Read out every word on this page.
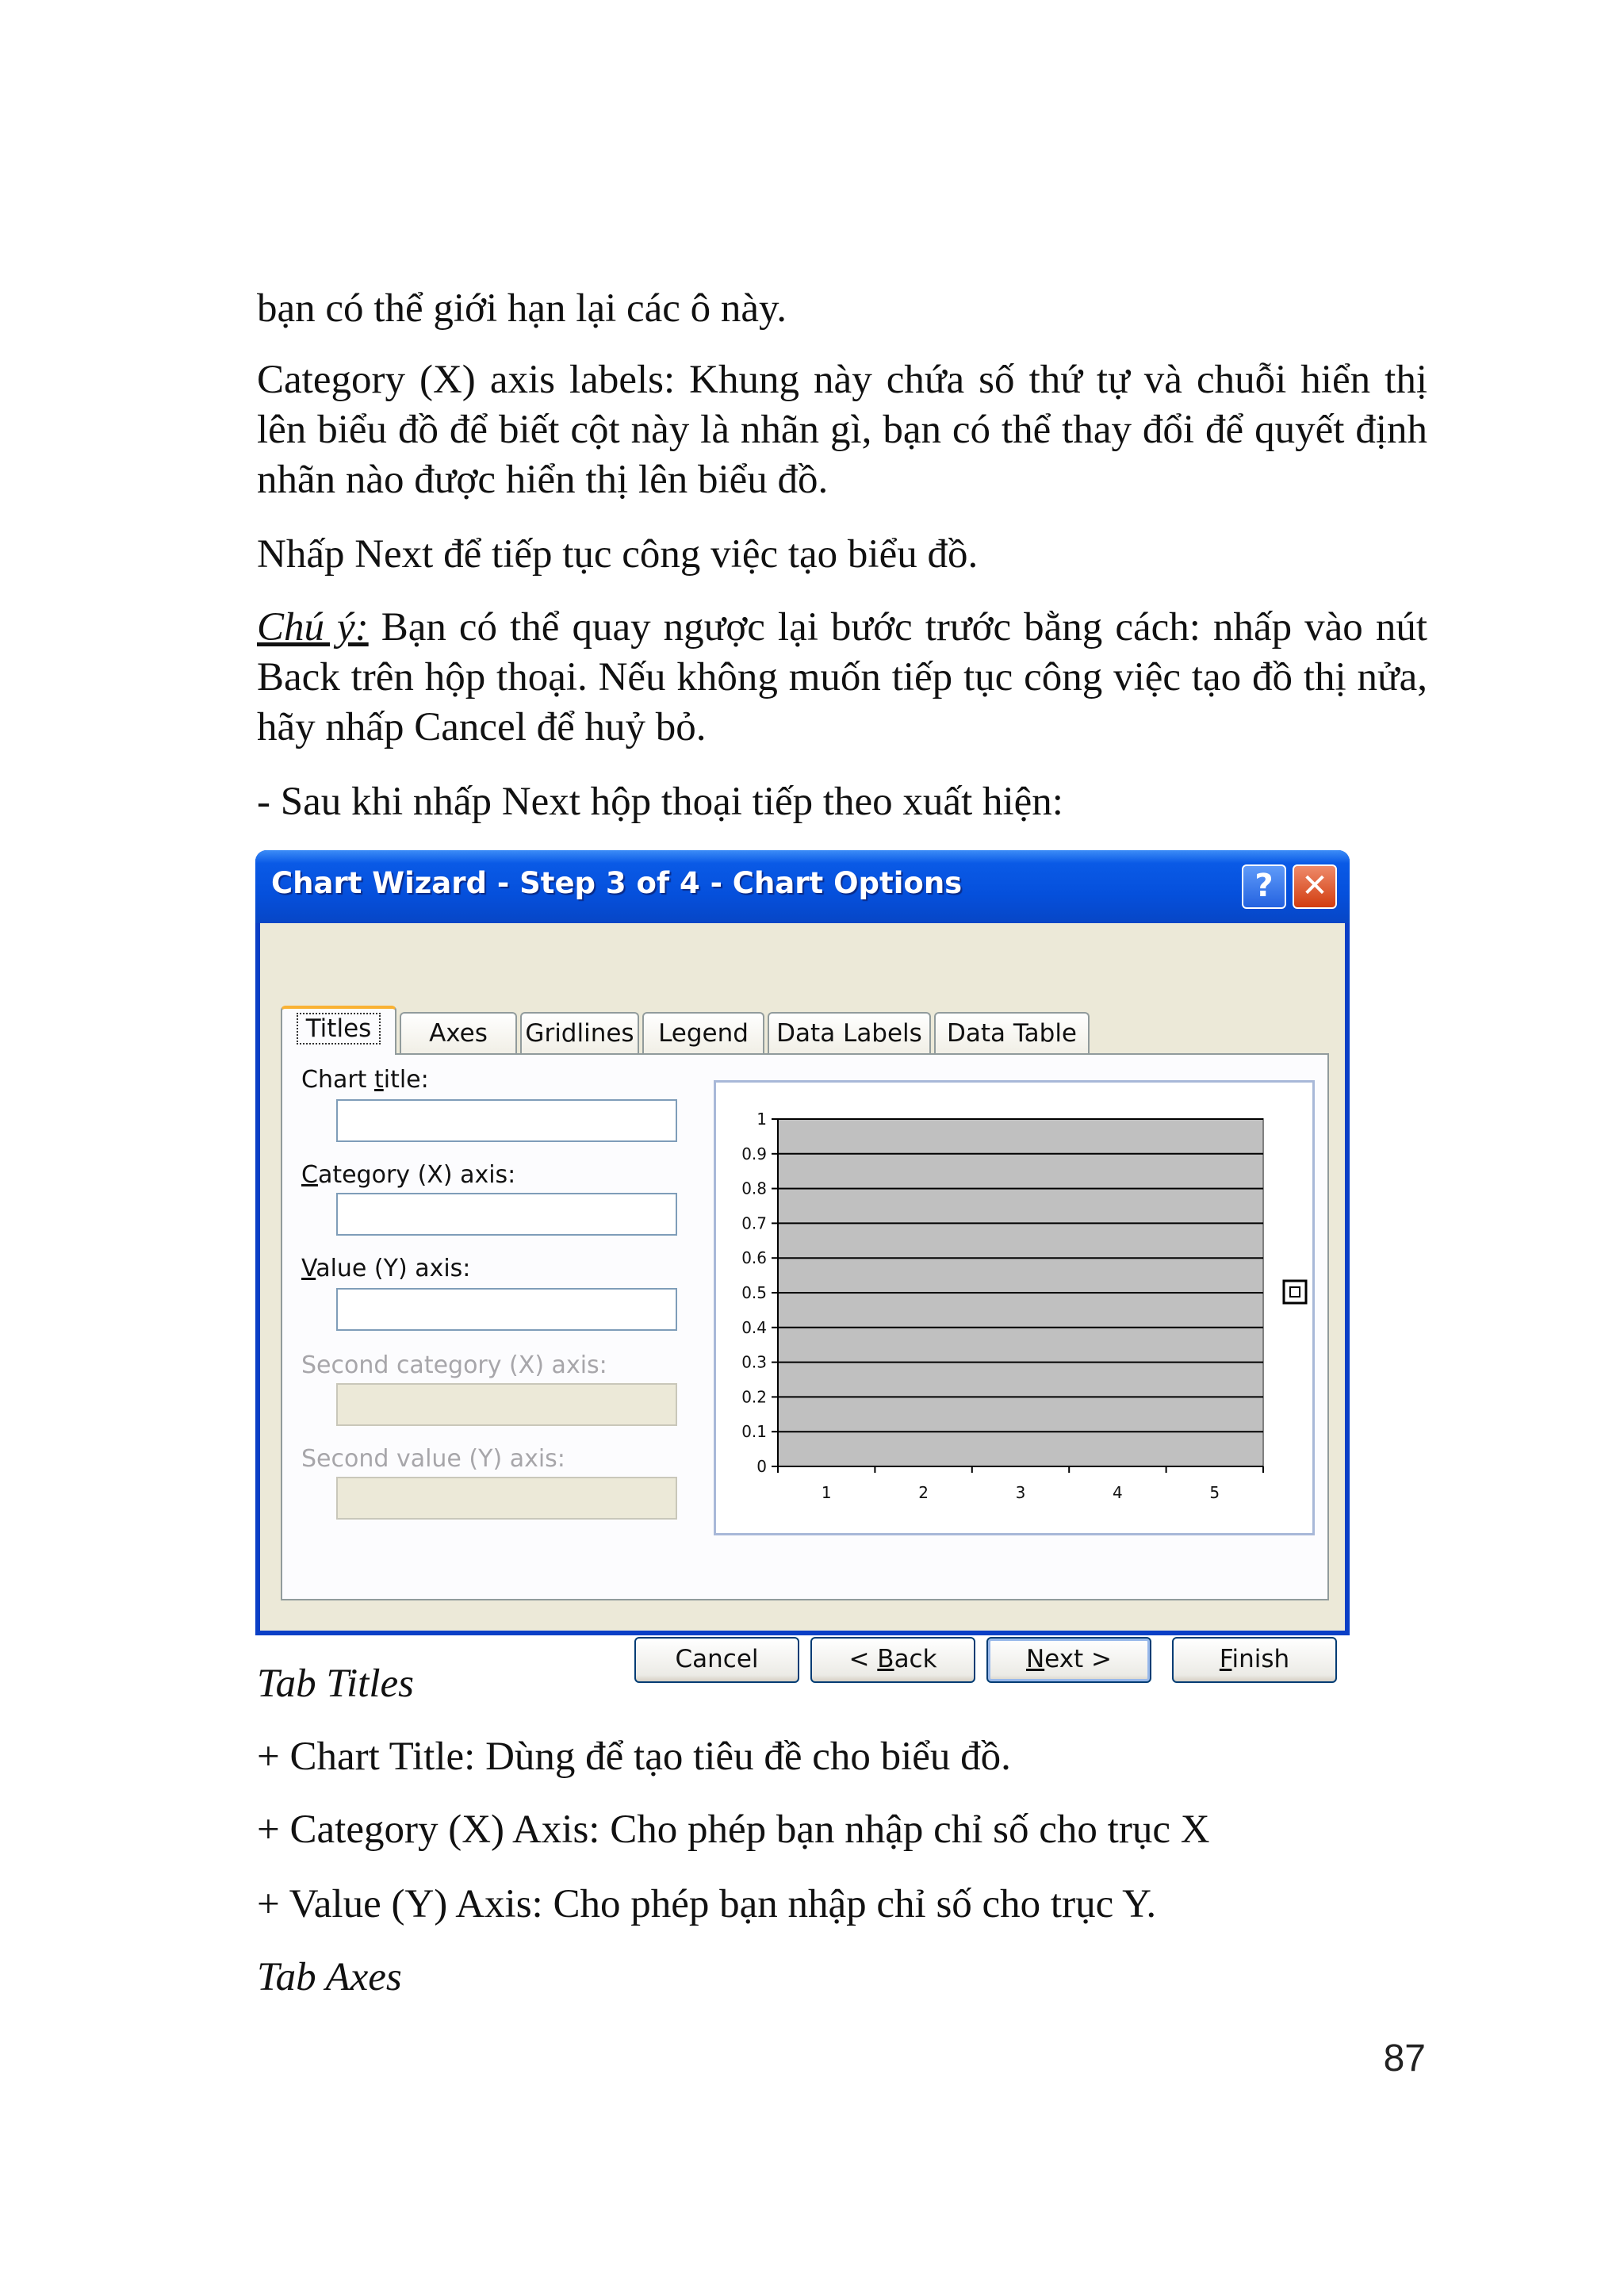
bạn có thể giới hạn lại các ô này.

Category (X) axis labels: Khung này chứa số thứ tự và chuỗi hiển thị lên biểu đồ để biết cột này là nhãn gì, bạn có thể thay đổi để quyết định nhãn nào được hiển thị lên biểu đồ.

Nhấp Next để tiếp tục công việc tạo biểu đồ.

Chú ý: Bạn có thể quay ngược lại bước trước bằng cách: nhấp vào nút Back trên hộp thoại. Nếu không muốn tiếp tục công việc tạo đồ thị nửa, hãy nhấp Cancel để huỷ bỏ.

- Sau khi nhấp Next hộp thoại tiếp theo xuất hiện:

Chart Wizard - Step 3 of 4 - Chart Options	? ✕
Titles	Axes	Gridlines Legend	Data Labels	Data Table
Chart title:
Category (X) axis:
Value (Y) axis:
Second category (X) axis:
Second value (Y) axis:	0
0.1
0.2
0.3
0.4
0.5
0.6
0.7
0.8
0.9
1
1	2	3	4	5
Cancel	< Back	Next >	Finish

Tab Titles

+ Chart Title: Dùng để tạo tiêu đề cho biểu đồ.

+ Category (X) Axis: Cho phép bạn nhập chỉ số cho trục X

+ Value (Y) Axis: Cho phép bạn nhập chỉ số cho trục Y.

Tab Axes

87
